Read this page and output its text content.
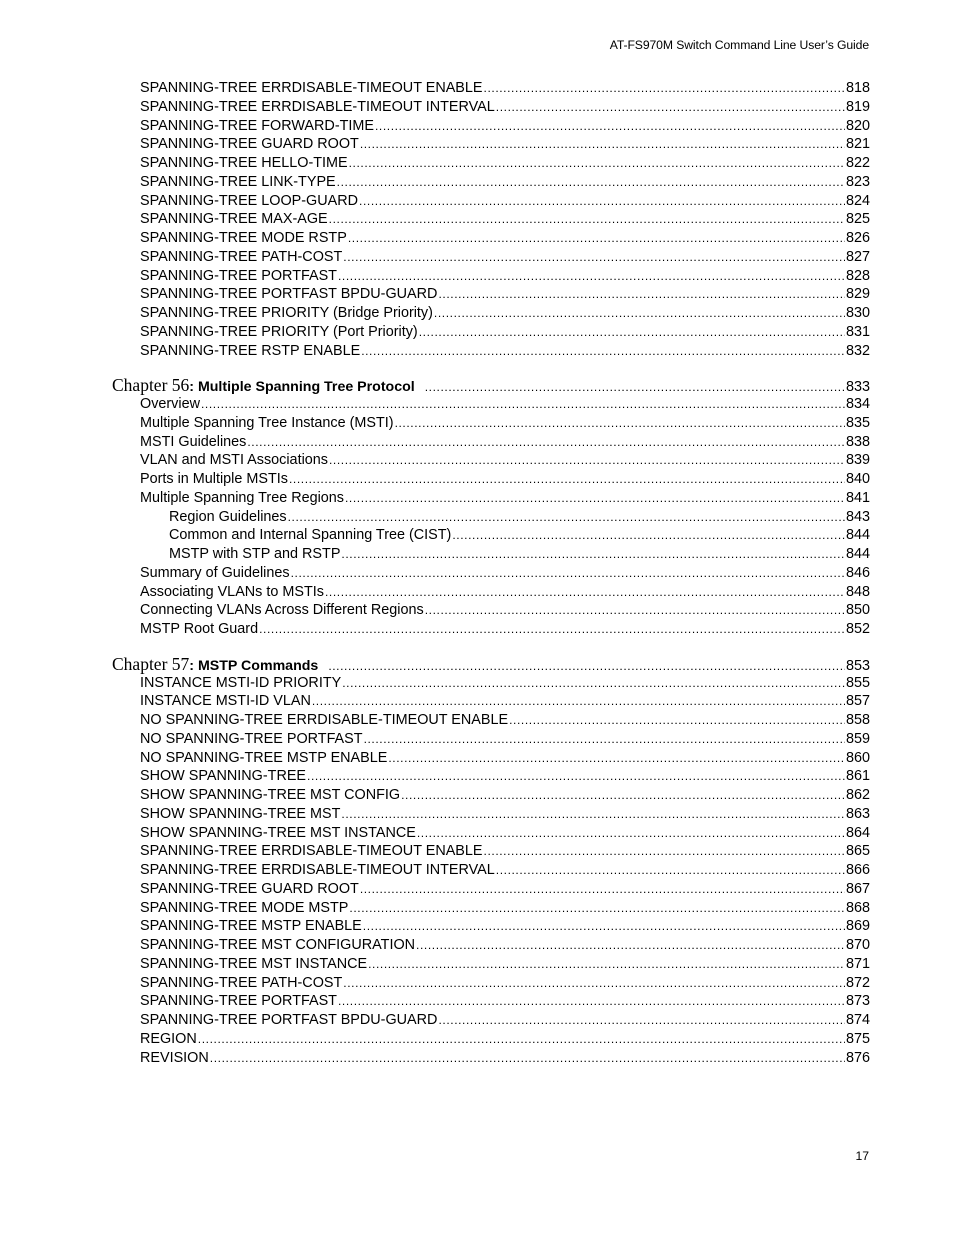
AT-FS970M Switch Command Line User’s Guide
SPANNING-TREE ERRDISABLE-TIMEOUT ENABLE .....	818
SPANNING-TREE ERRDISABLE-TIMEOUT INTERVAL .....	819
SPANNING-TREE FORWARD-TIME .....	820
SPANNING-TREE GUARD ROOT .....	821
SPANNING-TREE HELLO-TIME .....	822
SPANNING-TREE LINK-TYPE .....	823
SPANNING-TREE LOOP-GUARD .....	824
SPANNING-TREE MAX-AGE .....	825
SPANNING-TREE MODE RSTP .....	826
SPANNING-TREE PATH-COST .....	827
SPANNING-TREE PORTFAST .....	828
SPANNING-TREE PORTFAST BPDU-GUARD .....	829
SPANNING-TREE PRIORITY (Bridge Priority) .....	830
SPANNING-TREE PRIORITY (Port Priority) .....	831
SPANNING-TREE RSTP ENABLE .....	832
Chapter 56 : Multiple Spanning Tree Protocol .....	833
Overview .....	834
Multiple Spanning Tree Instance (MSTI) .....	835
MSTI Guidelines .....	838
VLAN and MSTI Associations .....	839
Ports in Multiple MSTIs .....	840
Multiple Spanning Tree Regions .....	841
Region Guidelines .....	843
Common and Internal Spanning Tree (CIST) .....	844
MSTP with STP and RSTP .....	844
Summary of Guidelines .....	846
Associating VLANs to MSTIs .....	848
Connecting VLANs Across Different Regions .....	850
MSTP Root Guard .....	852
Chapter 57 : MSTP Commands .....	853
INSTANCE MSTI-ID PRIORITY .....	855
INSTANCE MSTI-ID VLAN .....	857
NO SPANNING-TREE ERRDISABLE-TIMEOUT ENABLE .....	858
NO SPANNING-TREE PORTFAST .....	859
NO SPANNING-TREE MSTP ENABLE .....	860
SHOW SPANNING-TREE .....	861
SHOW SPANNING-TREE MST CONFIG .....	862
SHOW SPANNING-TREE MST .....	863
SHOW SPANNING-TREE MST INSTANCE .....	864
SPANNING-TREE ERRDISABLE-TIMEOUT ENABLE .....	865
SPANNING-TREE ERRDISABLE-TIMEOUT INTERVAL .....	866
SPANNING-TREE GUARD ROOT .....	867
SPANNING-TREE MODE MSTP .....	868
SPANNING-TREE MSTP ENABLE .....	869
SPANNING-TREE MST CONFIGURATION .....	870
SPANNING-TREE MST INSTANCE .....	871
SPANNING-TREE PATH-COST .....	872
SPANNING-TREE PORTFAST .....	873
SPANNING-TREE PORTFAST BPDU-GUARD .....	874
REGION .....	875
REVISION .....	876
17
